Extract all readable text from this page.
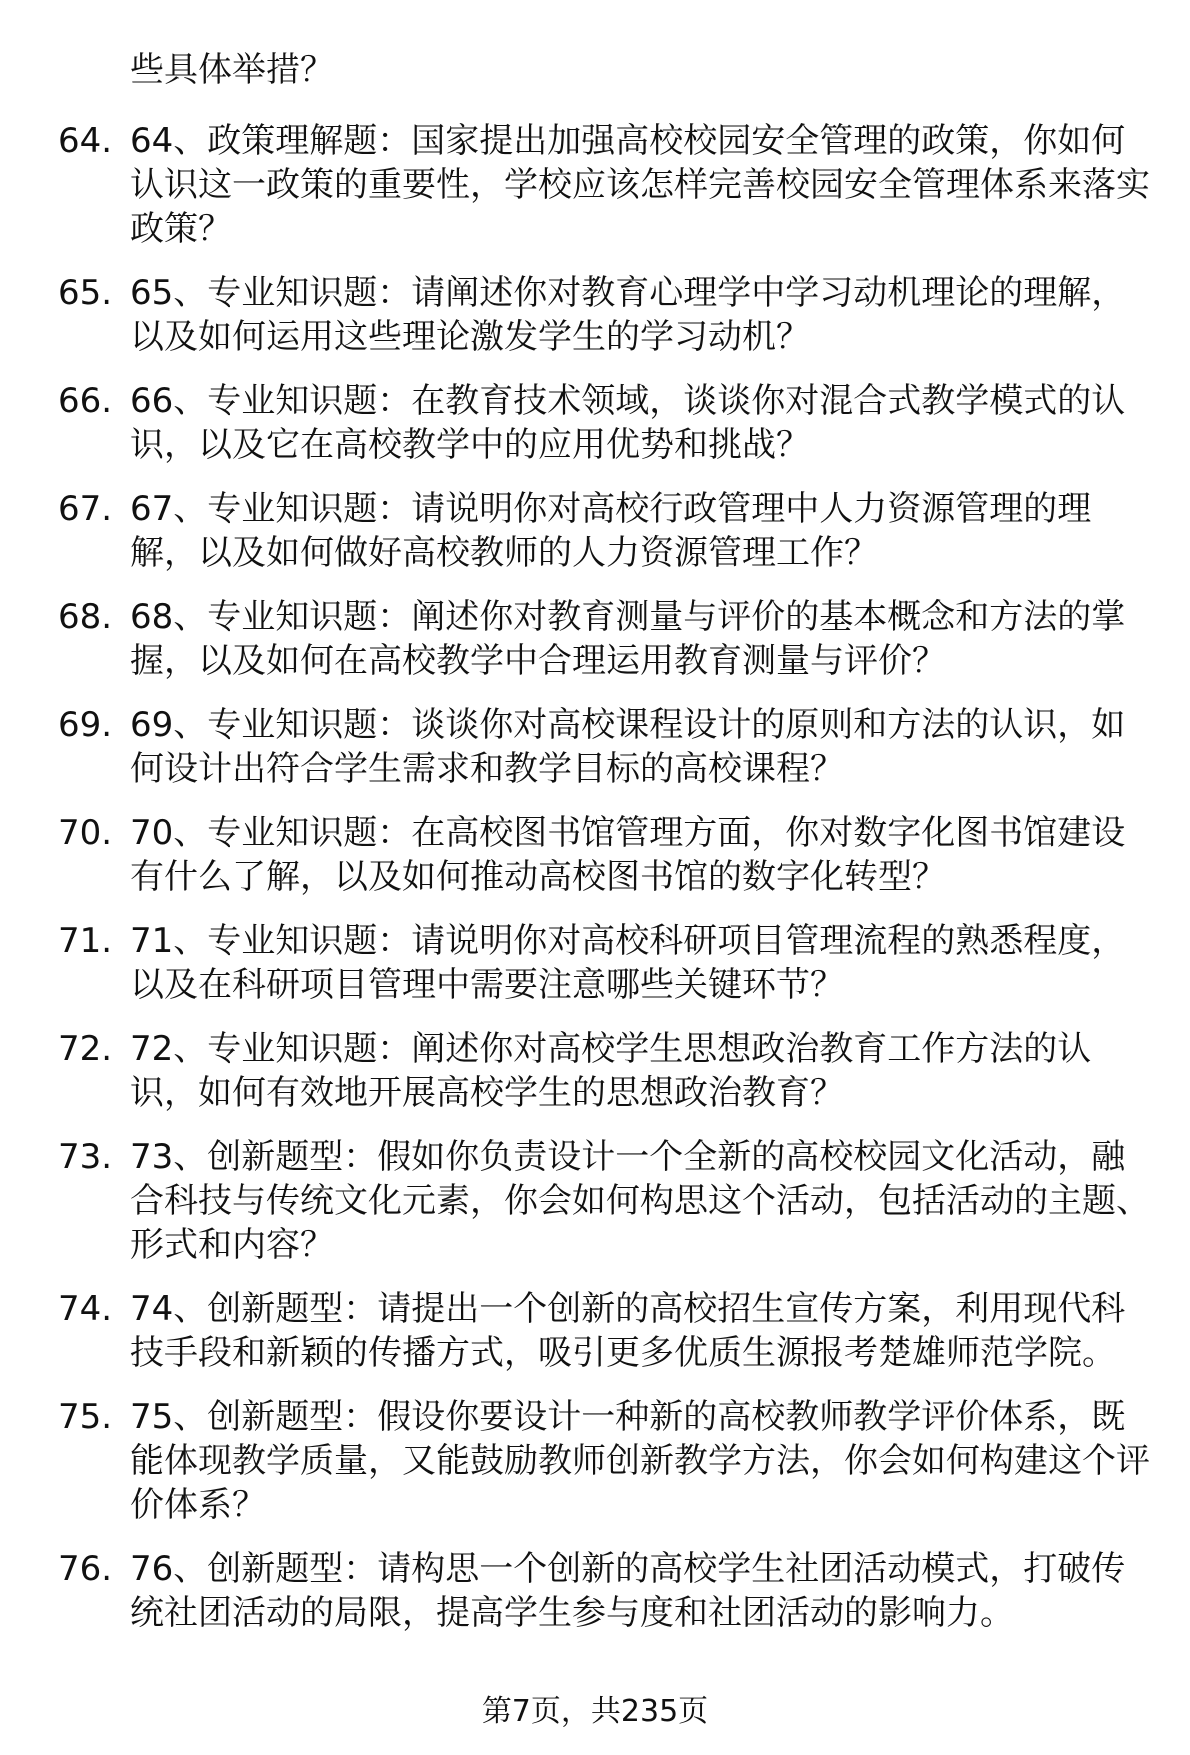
些具体举措？
64. 64、政策理解题：国家提出加强高校校园安全管理的政策，你如何认识这一政策的重要性，学校应该怎样完善校园安全管理体系来落实政策？
65. 65、专业知识题：请阐述你对教育心理学中学习动机理论的理解，以及如何运用这些理论激发学生的学习动机？
66. 66、专业知识题：在教育技术领域，谈谈你对混合式教学模式的认识，以及它在高校教学中的应用优势和挑战？
67. 67、专业知识题：请说明你对高校行政管理中人力资源管理的理解，以及如何做好高校教师的人力资源管理工作？
68. 68、专业知识题：阐述你对教育测量与评价的基本概念和方法的掌握，以及如何在高校教学中合理运用教育测量与评价？
69. 69、专业知识题：谈谈你对高校课程设计的原则和方法的认识，如何设计出符合学生需求和教学目标的高校课程？
70. 70、专业知识题：在高校图书馆管理方面，你对数字化图书馆建设有什么了解，以及如何推动高校图书馆的数字化转型？
71. 71、专业知识题：请说明你对高校科研项目管理流程的熟悉程度，以及在科研项目管理中需要注意哪些关键环节？
72. 72、专业知识题：阐述你对高校学生思想政治教育工作方法的认识，如何有效地开展高校学生的思想政治教育？
73. 73、创新题型：假如你负责设计一个全新的高校校园文化活动，融合科技与传统文化元素，你会如何构思这个活动，包括活动的主题、形式和内容？
74. 74、创新题型：请提出一个创新的高校招生宣传方案，利用现代科技手段和新颖的传播方式，吸引更多优质生源报考楚雄师范学院。
75. 75、创新题型：假设你要设计一种新的高校教师教学评价体系，既能体现教学质量，又能鼓励教师创新教学方法，你会如何构建这个评价体系？
76. 76、创新题型：请构思一个创新的高校学生社团活动模式，打破传统社团活动的局限，提高学生参与度和社团活动的影响力。
第7页，共235页
